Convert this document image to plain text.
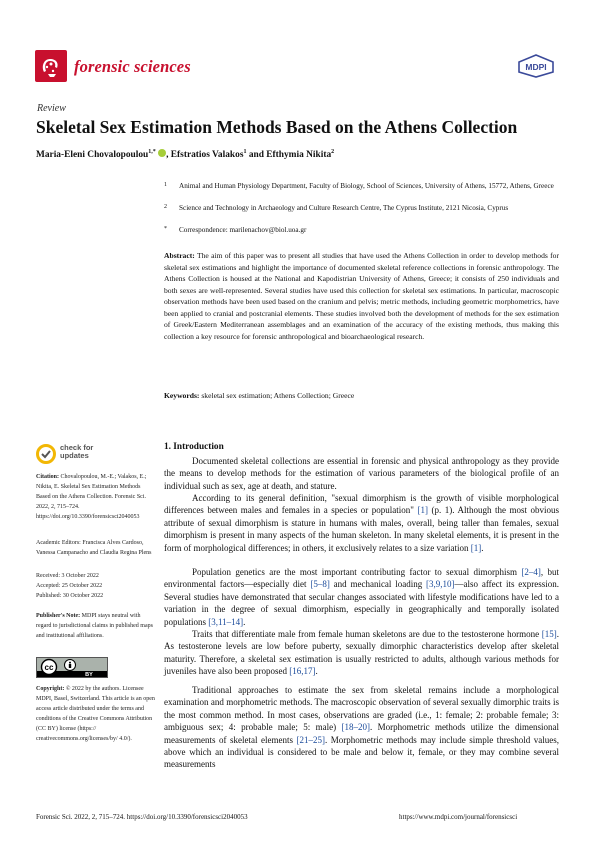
forensic sciences	MDPI
Review
Skeletal Sex Estimation Methods Based on the Athens Collection
Maria-Eleni Chovalopoulou$^{1,*}$ , Efstratios Valakos$^1$ and Efthymia Nikita$^2$
1 Animal and Human Physiology Department, Faculty of Biology, School of Sciences, University of Athens, 15772, Athens, Greece
2 Science and Technology in Archaeology and Culture Research Centre, The Cyprus Institute, 2121 Nicosia, Cyprus
* Correspondence: marilenachov@biol.uoa.gr
Abstract: The aim of this paper was to present all studies that have used the Athens Collection in order to develop methods for skeletal sex estimations and highlight the importance of documented skeletal reference collections in forensic anthropology. The Athens Collection is housed at the National and Kapodistrian University of Athens, Greece; it consists of 250 individuals and both sexes are well-represented. Several studies have used this collection for skeletal sex estimations. In particular, macroscopic observation methods have been used based on the cranium and pelvis; metric methods, including geometric morphometrics, have been applied to cranial and postcranial elements. These studies involved both the development of methods for the sex estimation of Greek/Eastern Mediterranean assemblages and an examination of the accuracy of the existing methods, thus making this collection a key resource for forensic anthropological and bioarchaeological research.
Keywords: skeletal sex estimation; Athens Collection; Greece
check for
updates
Citation: Chovalopoulou, M.-E.; Valakos, E.; Nikita, E. Skeletal Sex Estimation Methods Based on the Athens Collection. Forensic Sci. 2022, 2, 715–724. https://doi.org/10.3390/forensicsci2040053
Academic Editors: Francisca Alves Cardoso, Vanessa Campanacho and Claudia Regina Plens
Received: 3 October 2022
Accepted: 25 October 2022
Published: 30 October 2022
Publisher's Note: MDPI stays neutral with regard to jurisdictional claims in published maps and institutional affiliations.
cc
BY
Copyright: © 2022 by the authors. Licensee MDPI, Basel, Switzerland. This article is an open access article distributed under the terms and conditions of the Creative Commons Attribution (CC BY) license (https:// creativecommons.org/licenses/by/ 4.0/).
1. Introduction
Documented skeletal collections are essential in forensic and physical anthropology as they provide the means to develop methods for the estimation of various parameters of the biological profile of an individual such as sex, age at death, and stature.
According to its general definition, "sexual dimorphism is the growth of visible morphological differences between males and females in a species or population" [1] (p. 1). Although the most obvious attribute of sexual dimorphism is stature in humans with males, overall, being taller than females, sexual dimorphism is present in many aspects of the human skeleton. In many skeletal elements, it is present in the form of morphological differences; in others, it exclusively relates to a size variation [1].
Population genetics are the most important contributing factor to sexual dimorphism [2–4], but environmental factors—especially diet [5–8] and mechanical loading [3,9,10]—also affect its expression. Several studies have demonstrated that secular changes associated with lifestyle modifications have led to a variation in the degree of sexual dimorphism, especially in geographically and temporally isolated populations [3,11–14].
Traits that differentiate male from female human skeletons are due to the testosterone hormone [15]. As testosterone levels are low before puberty, sexually dimorphic characteristics develop after skeletal maturity. Therefore, a skeletal sex estimation is usually restricted to adults, although various methods for juveniles have also been proposed [16,17].
Traditional approaches to estimate the sex from skeletal remains include a morphological examination and morphometric methods. The macroscopic observation of several sexually dimorphic traits is the most common method. In most cases, observations are graded (i.e., 1: female; 2: probable female; 3: ambiguous sex; 4: probable male; 5: male) [18–20]. Morphometric methods utilize the dimensional measurements of skeletal elements [21–25]. Morphometric methods may include simple threshold values, above which an individual is considered to be male and below it, female, or they may combine several measurements
Forensic Sci. 2022, 2, 715–724. https://doi.org/10.3390/forensicsci2040053	https://www.mdpi.com/journal/forensicsci
